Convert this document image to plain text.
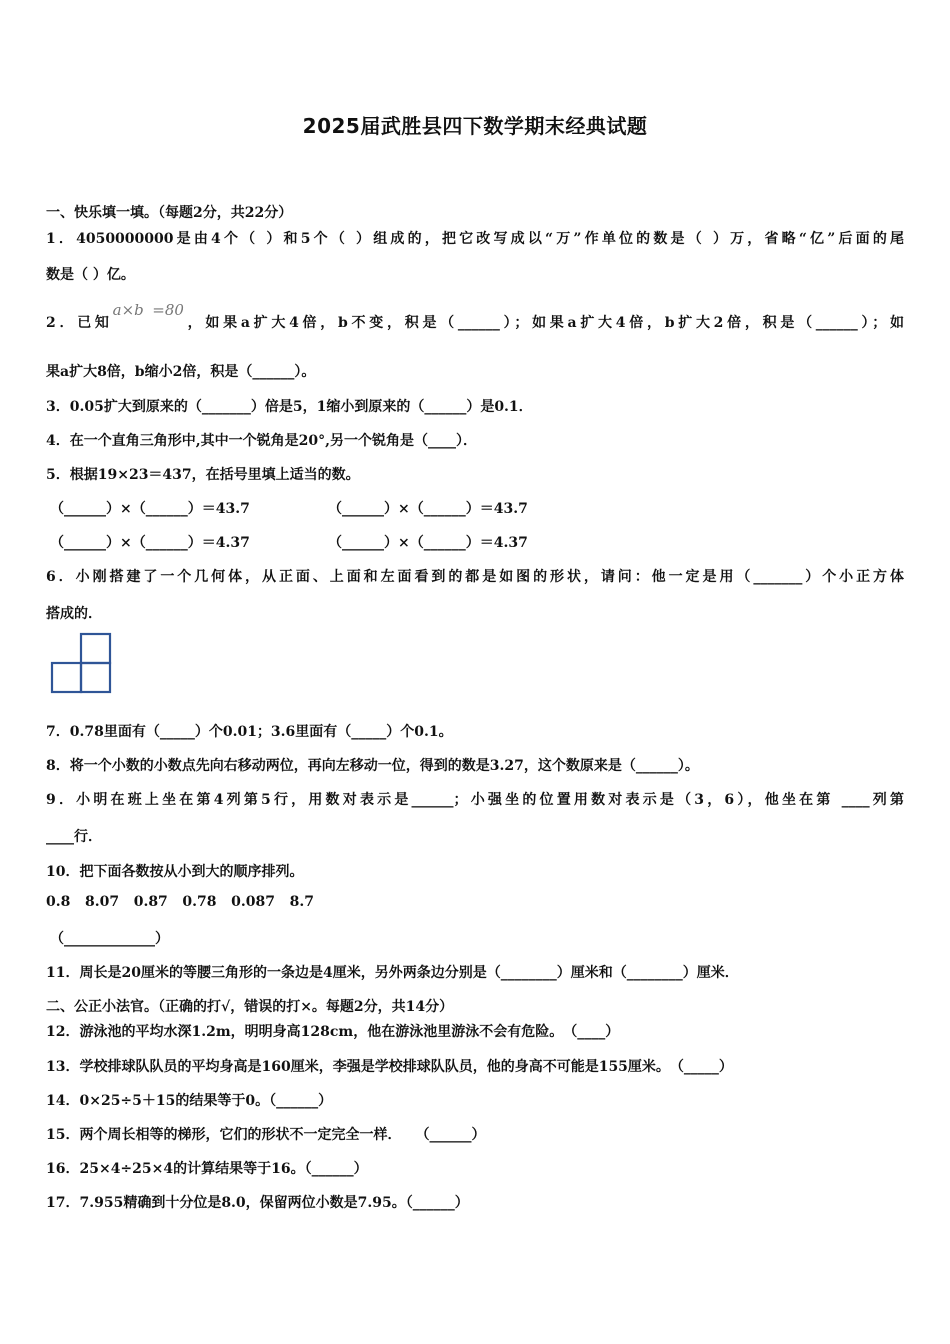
2025届武胜县四下数学期末经典试题
一、快乐填一填。（每题2分，共22分）
1．4050000000是由4个（ ）和5个（ ）组成的，把它改写成以“万”作单位的数是（ ）万，省略“亿”后面的尾
数是（ ）亿。
2．已知a×b =80，如果a扩大4倍，b不变，积是（______）；如果a扩大4倍，b扩大2倍，积是（______）；如
果a扩大8倍，b缩小2倍，积是（______）。
3．0.05扩大到原来的（_______）倍是5，1缩小到原来的（______）是0.1．
4．在一个直角三角形中,其中一个锐角是20°,另一个锐角是（____）．
5．根据19×23＝437，在括号里填上适当的数。
（______）×（______）＝43.7	（______）×（______）＝43.7
（______）×（______）＝4.37	（______）×（______）＝4.37
6．小刚搭建了一个几何体，从正面、上面和左面看到的都是如图的形状，请问：他一定是用（_______）个小正方体
搭成的．
7．0.78里面有（_____）个0.01；3.6里面有（_____）个0.1。
8．将一个小数的小数点先向右移动两位，再向左移动一位，得到的数是3.27，这个数原来是（______）。
9．小明在班上坐在第4列第5行，用数对表示是______；小强坐的位置用数对表示是（3，6），他坐在第 ____列第
____行．
10．把下面各数按从小到大的顺序排列。
0.8   8.07   0.87   0.78   0.087   8.7
（_____________）
11．周长是20厘米的等腰三角形的一条边是4厘米，另外两条边分别是（________）厘米和（________）厘米．
二、公正小法官。（正确的打√，错误的打×。每题2分，共14分）
12．游泳池的平均水深1.2m，明明身高128cm，他在游泳池里游泳不会有危险。　（____）
13．学校排球队队员的平均身高是160厘米，李强是学校排球队队员，他的身高不可能是155厘米。　（_____）
14．0×25÷5＋15的结果等于0。（______）
15．两个周长相等的梯形，它们的形状不一定完全一样．　　（______）
16．25×4÷25×4的计算结果等于16。（______）
17．7.955精确到十分位是8.0，保留两位小数是7.95。（______）
